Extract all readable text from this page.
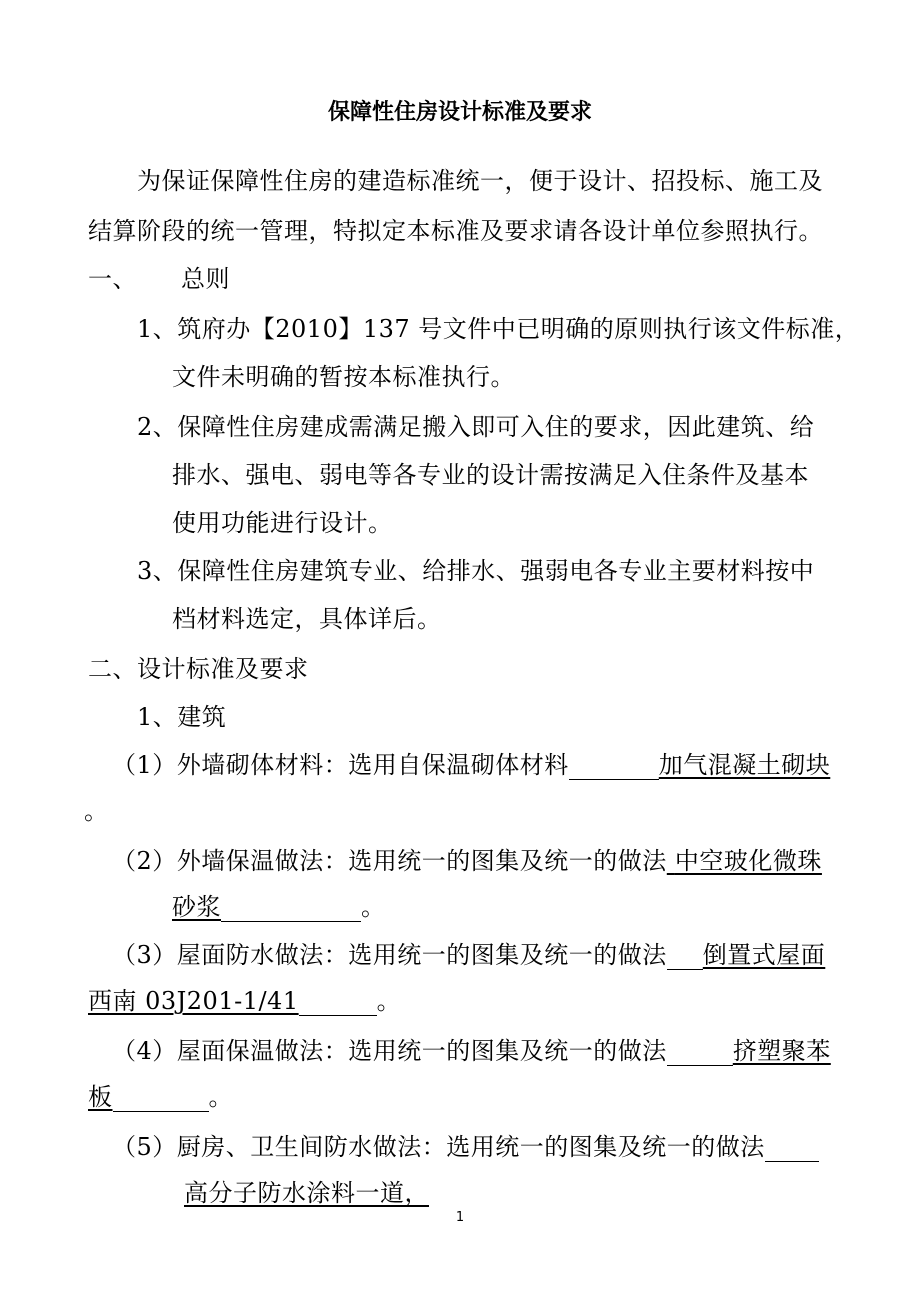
保障性住房设计标准及要求
为保证保障性住房的建造标准统一，便于设计、招投标、施工及
结算阶段的统一管理，特拟定本标准及要求请各设计单位参照执行。
一、 总则
1、筑府办【2010】137 号文件中已明确的原则执行该文件标准，
文件未明确的暂按本标准执行。
2、保障性住房建成需满足搬入即可入住的要求，因此建筑、给
排水、强电、弱电等各专业的设计需按满足入住条件及基本
使用功能进行设计。
3、保障性住房建筑专业、给排水、强弱电各专业主要材料按中
档材料选定，具体详后。
二、设计标准及要求
1、建筑
（1）外墙砌体材料：选用自保温砌体材料	加气混凝土砌块
。
（2）外墙保温做法：选用统一的图集及统一的做法 中空玻化微珠
砂浆	。
（3）屋面防水做法：选用统一的图集及统一的做法 倒置式屋面
西南 03J201-1/41	。
（4）屋面保温做法：选用统一的图集及统一的做法	挤塑聚苯
板	。
（5）厨房、卫生间防水做法：选用统一的图集及统一的做法
高分子防水涂料一道，
1
